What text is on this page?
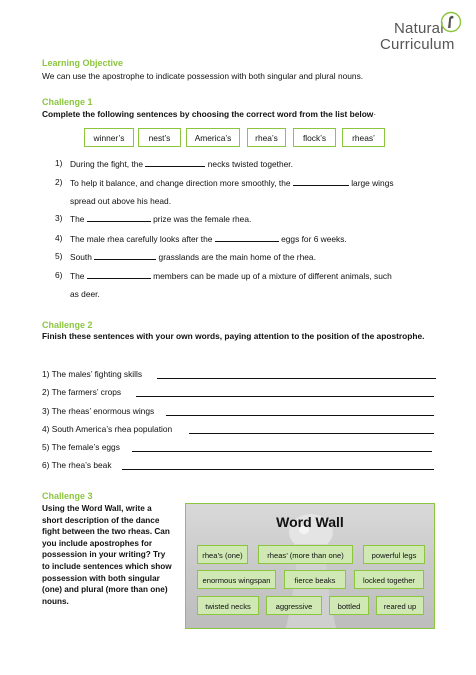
Natural
Curriculum
Learning Objective
We can use the apostrophe to indicate possession with both singular and plural nouns.
Challenge 1
Complete the following sentences by choosing the correct word from the list below·
winner’s	nest’s	America’s	rhea’s	flock’s	rheas’
1) During the fight, the	necks twisted together.
2) To help it balance, and change direction more smoothly, the	large wings
spread out above his head.
3) The	prize was the female rhea.
4) The male rhea carefully looks after the	eggs for 6 weeks.
5) South	grasslands are the main home of the rhea.
6) The	members can be made up of a mixture of different animals, such
as deer.
Challenge 2
Finish these sentences with your own words, paying attention to the position of the apostrophe.
1) The males’ fighting skills
2) The farmers’ crops
3) The rheas’ enormous wings
4) South America’s rhea population
5) The female’s eggs
6) The rhea’s beak
Challenge 3
Using the Word Wall, write a short description of the dance fight between the two rheas. Can you include apostrophes for possession in your writing? Try to include sentences which show possession with both singular (one) and plural (more than one) nouns.
Word Wall
rhea’s (one)	rheas’ (more than one)	powerful legs
enormous wingspan	fierce beaks	locked together
twisted necks	aggressive	bottled	reared up
